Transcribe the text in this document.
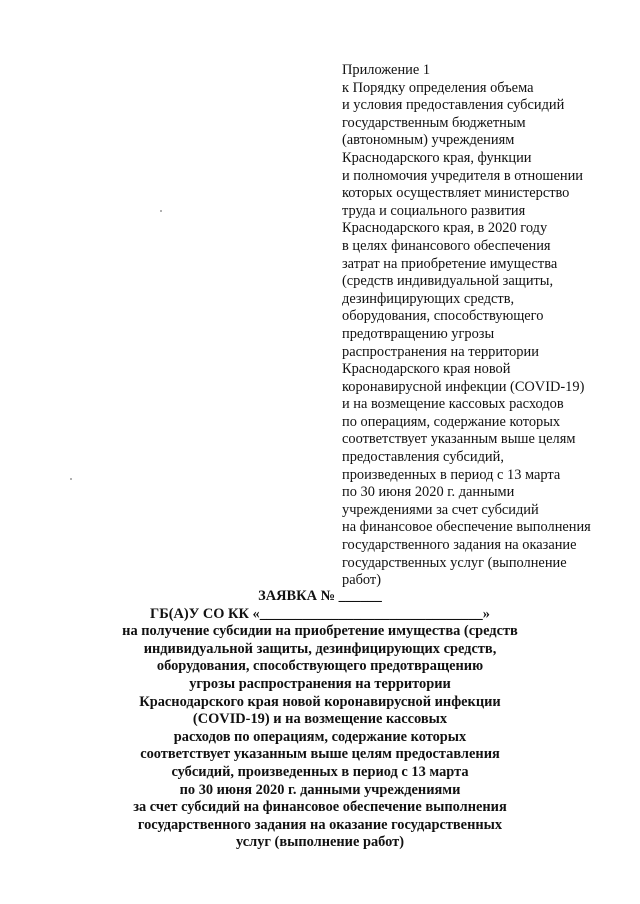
Приложение 1
к Порядку определения объема
и условия предоставления субсидий
государственным бюджетным
(автономным) учреждениям
Краснодарского края, функции
и полномочия учредителя в отношении
которых осуществляет министерство
труда и социального развития
Краснодарского края, в 2020 году
в целях финансового обеспечения
затрат на приобретение имущества
(средств индивидуальной защиты,
дезинфицирующих средств,
оборудования, способствующего
предотвращению угрозы
распространения на территории
Краснодарского края новой
коронавирусной инфекции (COVID-19)
и на возмещение кассовых расходов
по операциям, содержание которых
соответствует указанным выше целям
предоставления субсидий,
произведенных в период с 13 марта
по 30 июня 2020 г. данными
учреждениями за счет субсидий
на финансовое обеспечение выполнения
государственного задания на оказание
государственных услуг (выполнение
работ)
ЗАЯВКА № ______
ГБ(А)У СО КК «_______________________________»
на получение субсидии на приобретение имущества (средств
индивидуальной защиты, дезинфицирующих средств,
оборудования, способствующего предотвращению
угрозы распространения на территории
Краснодарского края новой коронавирусной инфекции
(COVID-19) и на возмещение кассовых
расходов по операциям, содержание которых
соответствует указанным выше целям предоставления
субсидий, произведенных в период с 13 марта
по 30 июня 2020 г. данными учреждениями
за счет субсидий на финансовое обеспечение выполнения
государственного задания на оказание государственных
услуг (выполнение работ)
